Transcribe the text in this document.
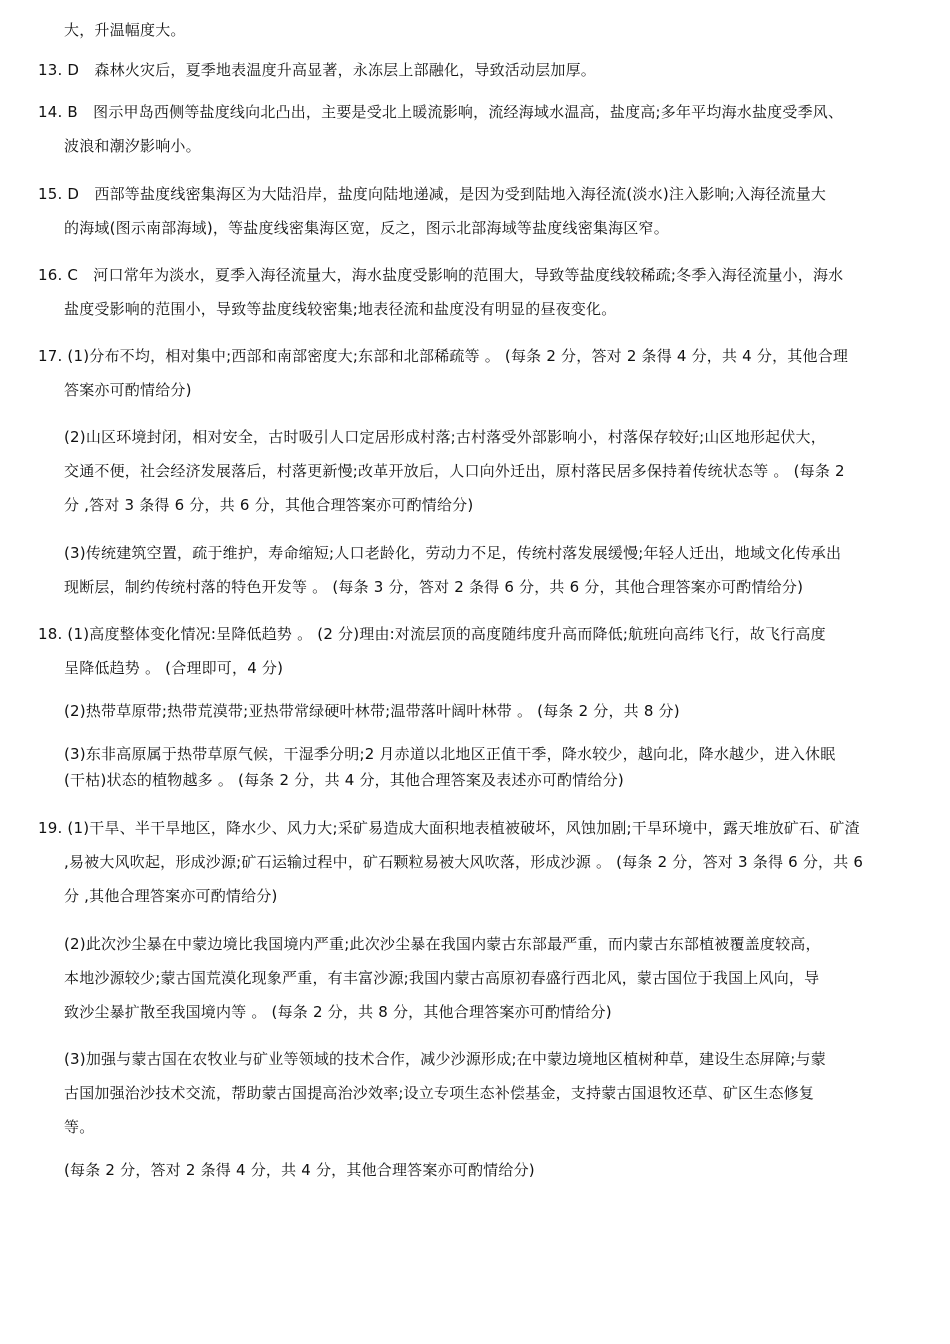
大，升温幅度大。
13. D　森林火灾后，夏季地表温度升高显著，永冻层上部融化，导致活动层加厚。
14. B　图示甲岛西侧等盐度线向北凸出，主要是受北上暖流影响，流经海域水温高，盐度高;多年平均海水盐度受季风、
波浪和潮汐影响小。
15. D　西部等盐度线密集海区为大陆沿岸，盐度向陆地递减，是因为受到陆地入海径流(淡水)注入影响;入海径流量大
的海域(图示南部海域)，等盐度线密集海区宽，反之，图示北部海域等盐度线密集海区窄。
16. C　河口常年为淡水，夏季入海径流量大，海水盐度受影响的范围大，导致等盐度线较稀疏;冬季入海径流量小，海水
盐度受影响的范围小，导致等盐度线较密集;地表径流和盐度没有明显的昼夜变化。
17. (1)分布不均，相对集中;西部和南部密度大;东部和北部稀疏等 。 (每条 2 分，答对 2 条得 4 分，共 4 分，其他合理
答案亦可酌情给分)
(2)山区环境封闭，相对安全，古时吸引人口定居形成村落;古村落受外部影响小，村落保存较好;山区地形起伏大，
交通不便，社会经济发展落后，村落更新慢;改革开放后，人口向外迁出，原村落民居多保持着传统状态等 。 (每条 2
分 ,答对 3 条得 6 分，共 6 分，其他合理答案亦可酌情给分)
(3)传统建筑空置，疏于维护，寿命缩短;人口老龄化，劳动力不足，传统村落发展缓慢;年轻人迁出，地域文化传承出
现断层，制约传统村落的特色开发等 。 (每条 3 分，答对 2 条得 6 分，共 6 分，其他合理答案亦可酌情给分)
18. (1)高度整体变化情况:呈降低趋势 。 (2 分)理由:对流层顶的高度随纬度升高而降低;航班向高纬飞行，故飞行高度
呈降低趋势 。 (合理即可，4 分)
(2)热带草原带;热带荒漠带;亚热带常绿硬叶林带;温带落叶阔叶林带 。 (每条 2 分，共 8 分)
(3)东非高原属于热带草原气候，干湿季分明;2 月赤道以北地区正值干季，降水较少，越向北，降水越少，进入休眠
(干枯)状态的植物越多 。 (每条 2 分，共 4 分，其他合理答案及表述亦可酌情给分)
19. (1)干旱、半干旱地区，降水少、风力大;采矿易造成大面积地表植被破坏，风蚀加剧;干旱环境中，露天堆放矿石、矿渣
,易被大风吹起，形成沙源;矿石运输过程中，矿石颗粒易被大风吹落，形成沙源 。 (每条 2 分，答对 3 条得 6 分，共 6
分 ,其他合理答案亦可酌情给分)
(2)此次沙尘暴在中蒙边境比我国境内严重;此次沙尘暴在我国内蒙古东部最严重，而内蒙古东部植被覆盖度较高，
本地沙源较少;蒙古国荒漠化现象严重，有丰富沙源;我国内蒙古高原初春盛行西北风，蒙古国位于我国上风向，导
致沙尘暴扩散至我国境内等 。 (每条 2 分，共 8 分，其他合理答案亦可酌情给分)
(3)加强与蒙古国在农牧业与矿业等领域的技术合作，减少沙源形成;在中蒙边境地区植树种草，建设生态屏障;与蒙
古国加强治沙技术交流，帮助蒙古国提高治沙效率;设立专项生态补偿基金，支持蒙古国退牧还草、矿区生态修复
等。
(每条 2 分，答对 2 条得 4 分，共 4 分，其他合理答案亦可酌情给分)
